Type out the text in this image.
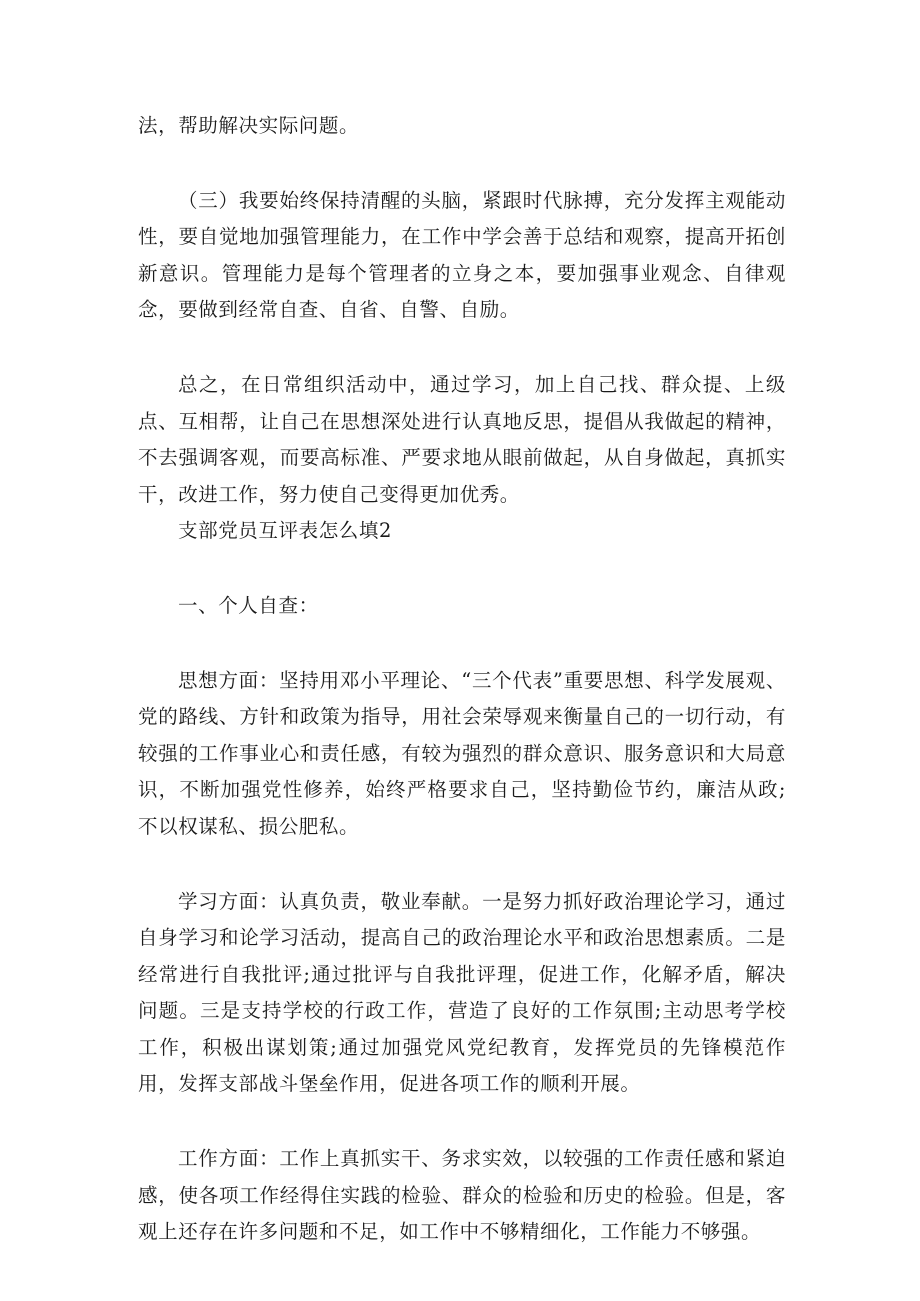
法，帮助解决实际问题。

（三）我要始终保持清醒的头脑，紧跟时代脉搏，充分发挥主观能动性，要自觉地加强管理能力，在工作中学会善于总结和观察，提高开拓创新意识。管理能力是每个管理者的立身之本，要加强事业观念、自律观念，要做到经常自查、自省、自警、自励。

总之，在日常组织活动中，通过学习，加上自己找、群众提、上级点、互相帮，让自己在思想深处进行认真地反思，提倡从我做起的精神，不去强调客观，而要高标准、严要求地从眼前做起，从自身做起，真抓实干，改进工作，努力使自己变得更加优秀。

支部党员互评表怎么填2

一、个人自查：

思想方面：坚持用邓小平理论、“三个代表”重要思想、科学发展观、党的路线、方针和政策为指导，用社会荣辱观来衡量自己的一切行动，有较强的工作事业心和责任感，有较为强烈的群众意识、服务意识和大局意识，不断加强党性修养，始终严格要求自己，坚持勤俭节约，廉洁从政;不以权谋私、损公肥私。

学习方面：认真负责，敬业奉献。一是努力抓好政治理论学习，通过自身学习和论学习活动，提高自己的政治理论水平和政治思想素质。二是经常进行自我批评;通过批评与自我批评理，促进工作，化解矛盾，解决问题。三是支持学校的行政工作，营造了良好的工作氛围;主动思考学校工作，积极出谋划策;通过加强党风党纪教育，发挥党员的先锋模范作用，发挥支部战斗堡垒作用，促进各项工作的顺利开展。

工作方面：工作上真抓实干、务求实效，以较强的工作责任感和紧迫感，使各项工作经得住实践的检验、群众的检验和历史的检验。但是，客观上还存在许多问题和不足，如工作中不够精细化，工作能力不够强。
